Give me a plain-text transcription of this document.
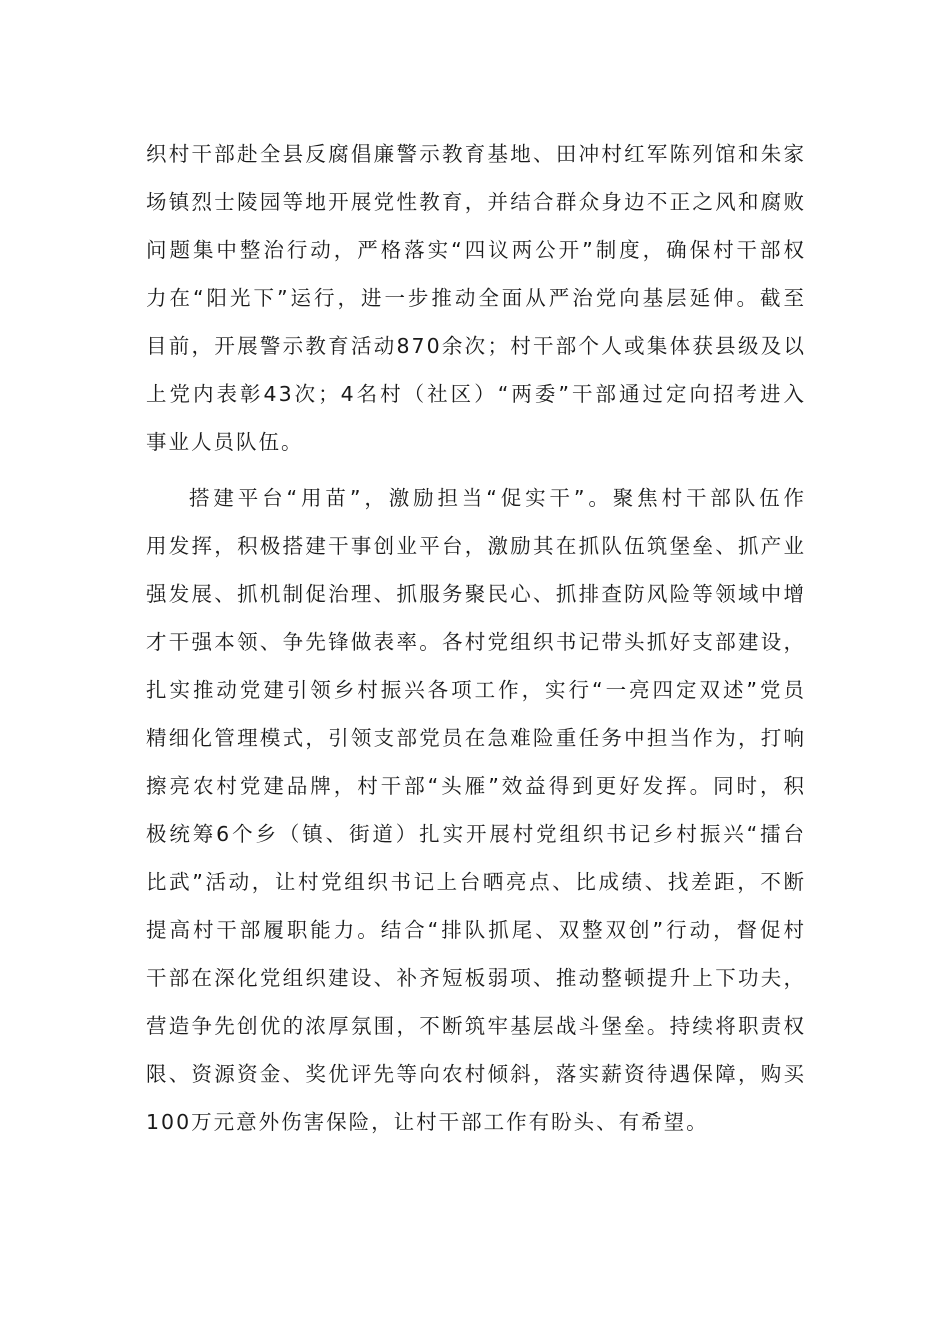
织村干部赴全县反腐倡廉警示教育基地、田冲村红军陈列馆和朱家
场镇烈士陵园等地开展党性教育，并结合群众身边不正之风和腐败
问题集中整治行动，严格落实“四议两公开”制度，确保村干部权
力在“阳光下”运行，进一步推动全面从严治党向基层延伸。截至
目前，开展警示教育活动870余次；村干部个人或集体获县级及以
上党内表彰43次；4名村（社区）“两委”干部通过定向招考进入
事业人员队伍。
搭建平台“用苗”，激励担当“促实干”。聚焦村干部队伍作
用发挥，积极搭建干事创业平台，激励其在抓队伍筑堡垒、抓产业
强发展、抓机制促治理、抓服务聚民心、抓排查防风险等领域中增
才干强本领、争先锋做表率。各村党组织书记带头抓好支部建设，
扎实推动党建引领乡村振兴各项工作，实行“一亮四定双述”党员
精细化管理模式，引领支部党员在急难险重任务中担当作为，打响
擦亮农村党建品牌，村干部“头雁”效益得到更好发挥。同时，积
极统筹6个乡（镇、街道）扎实开展村党组织书记乡村振兴“擂台
比武”活动，让村党组织书记上台晒亮点、比成绩、找差距，不断
提高村干部履职能力。结合“排队抓尾、双整双创”行动，督促村
干部在深化党组织建设、补齐短板弱项、推动整顿提升上下功夫，
营造争先创优的浓厚氛围，不断筑牢基层战斗堡垒。持续将职责权
限、资源资金、奖优评先等向农村倾斜，落实薪资待遇保障，购买
100万元意外伤害保险，让村干部工作有盼头、有希望。
